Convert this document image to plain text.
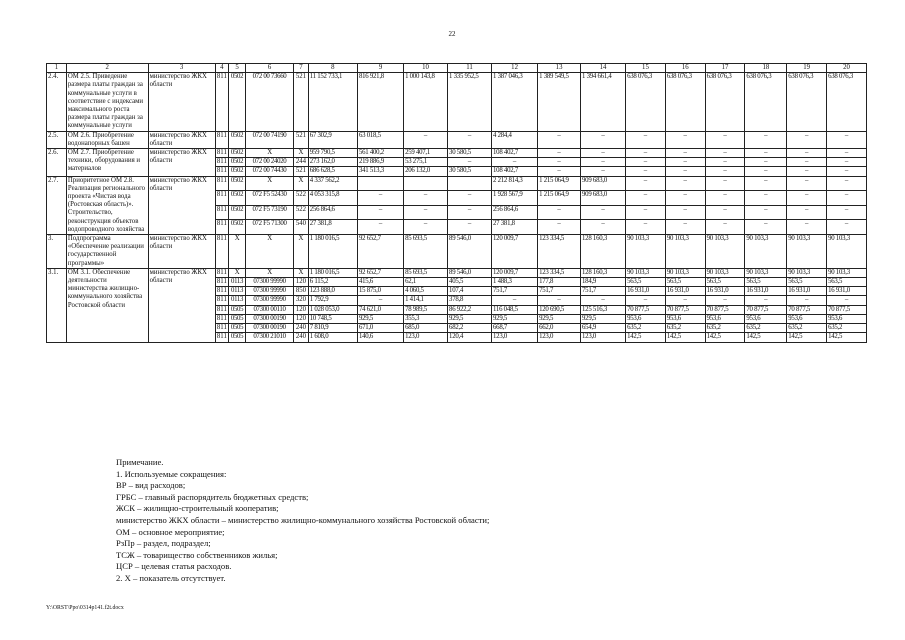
22
1	2	3	4	5	6	7	8	9	10	11	12	13	14	15	16	17	18	19	20
2.4.	ОМ 2.5. Приведение размера платы граждан за коммунальные услуги в соответствие с индексами максимального роста размера платы граждан за коммунальные услуги	министерство ЖКХ области	811	0502	072 00 73660	521	11 152 733,1	816 921,8	1 000 143,8	1 335 952,5	1 387 046,3	1 389 549,5	1 394 661,4	638 076,3	638 076,3	638 076,3	638 076,3	638 076,3	638 076,3
2.5.	ОМ 2.6. Приобретение водонапорных башен	министерство ЖКХ области	811	0502	072 00 74190	521	67 302,9	63 018,5	–	–	4 284,4	–	–	–	–	–	–	–	–
2.6.	ОМ 2.7. Приобретение техники, оборудования и материалов	министерство ЖКХ области	811	0502	X	X	959 790,5	561 400,2	259 407,1	30 580,5	108 402,7	–	–	–	–	–	–	–	–
			811	0502	072 00 24020	244	273 162,0	219 886,9	53 275,1	–	–	–	–	–	–	–	–	–	–
			811	0502	072 00 74430	521	686 628,5	341 513,3	206 132,0	30 580,5	108 402,7	–	–	–	–	–	–	–	–
2.7.	Приоритетное ОМ 2.8. Реализация регионального проекта «Чистая вода (Ростовская область)». Строительство, реконструкция объектов водопроводного хозяйства	министерство ЖКХ области	811	0502	X	X	4 337 562,2				2 212 814,3	1 215 064,9	909 683,0	–	–	–	–	–	–
			811	0502	072 F5 52430	522	4 053 315,8	–	–	–	1 928 567,9	1 215 064,9	909 683,0	–	–	–	–	–	–
			811	0502	072 F5 73190	522	256 864,6	–	–	–	256 864,6	–	–	–	–	–	–	–	–
			811	0502	072 F5 71300	540	27 381,8	–	–	–	27 381,8	–	–	–	–	–	–	–	–
3.	Подпрограмма «Обеспечение реализации государственной программы»	министерство ЖКХ области	811	X	X	X	1 180 016,5	92 652,7	85 693,5	89 546,0	120 009,7	123 334,5	128 160,3	90 103,3	90 103,3	90 103,3	90 103,3	90 103,3	90 103,3
3.1.	ОМ 3.1. Обеспечение деятельности министерства жилищно-коммунального хозяйства Ростовской области	министерство ЖКХ области	811	X	X	X	1 180 016,5	92 652,7	85 693,5	89 546,0	120 009,7	123 334,5	128 160,3	90 103,3	90 103,3	90 103,3	90 103,3	90 103,3	90 103,3
			811	0113	07300 99990	120	6 115,2	415,6	62,1	405,5	1 488,3	177,8	184,9	563,5	563,5	563,5	563,5	563,5	563,5
			811	0113	07300 99990	850	123 888,0	15 875,0	4 060,5	107,4	751,7	751,7	751,7	16 931,0	16 931,0	16 931,0	16 931,0	16 931,0	16 931,0
			811	0113	07300 99990	320	1 792,9	–	1 414,1	378,8	–	–	–	–	–	–	–	–	–
			811	0505	07300 00110	120	1 028 053,0	74 621,0	78 989,5	86 922,2	116 048,5	120 690,5	125 516,3	70 877,5	70 877,5	70 877,5	70 877,5	70 877,5	70 877,5
			811	0505	07300 00190	120	10 748,5	929,5	355,3	929,5	929,5	929,5	929,5	953,6	953,6	953,6	953,6	953,6	953,6
			811	0505	07300 00190	240	7 810,9	671,0	685,0	682,2	668,7	662,0	654,9	635,2	635,2	635,2	635,2	635,2	635,2
			811	0505	07300 21010	240	1 608,0	140,6	123,0	120,4	123,0	123,0	123,0	142,5	142,5	142,5	142,5	142,5	142,5
Примечание.
1. Используемые сокращения:
ВР – вид расходов;
ГРБС – главный распорядитель бюджетных средств;
ЖСК – жилищно-строительный кооператив;
министерство ЖКХ области – министерство жилищно-коммунального хозяйства Ростовской области;
ОМ – основное мероприятие;
РзПр – раздел, подраздел;
ТСЖ – товарищество собственников жилья;
ЦСР – целевая статья расходов.
2. X – показатель отсутствует.
Y:\ORST\Ppo\0314p141.f2t.docx
